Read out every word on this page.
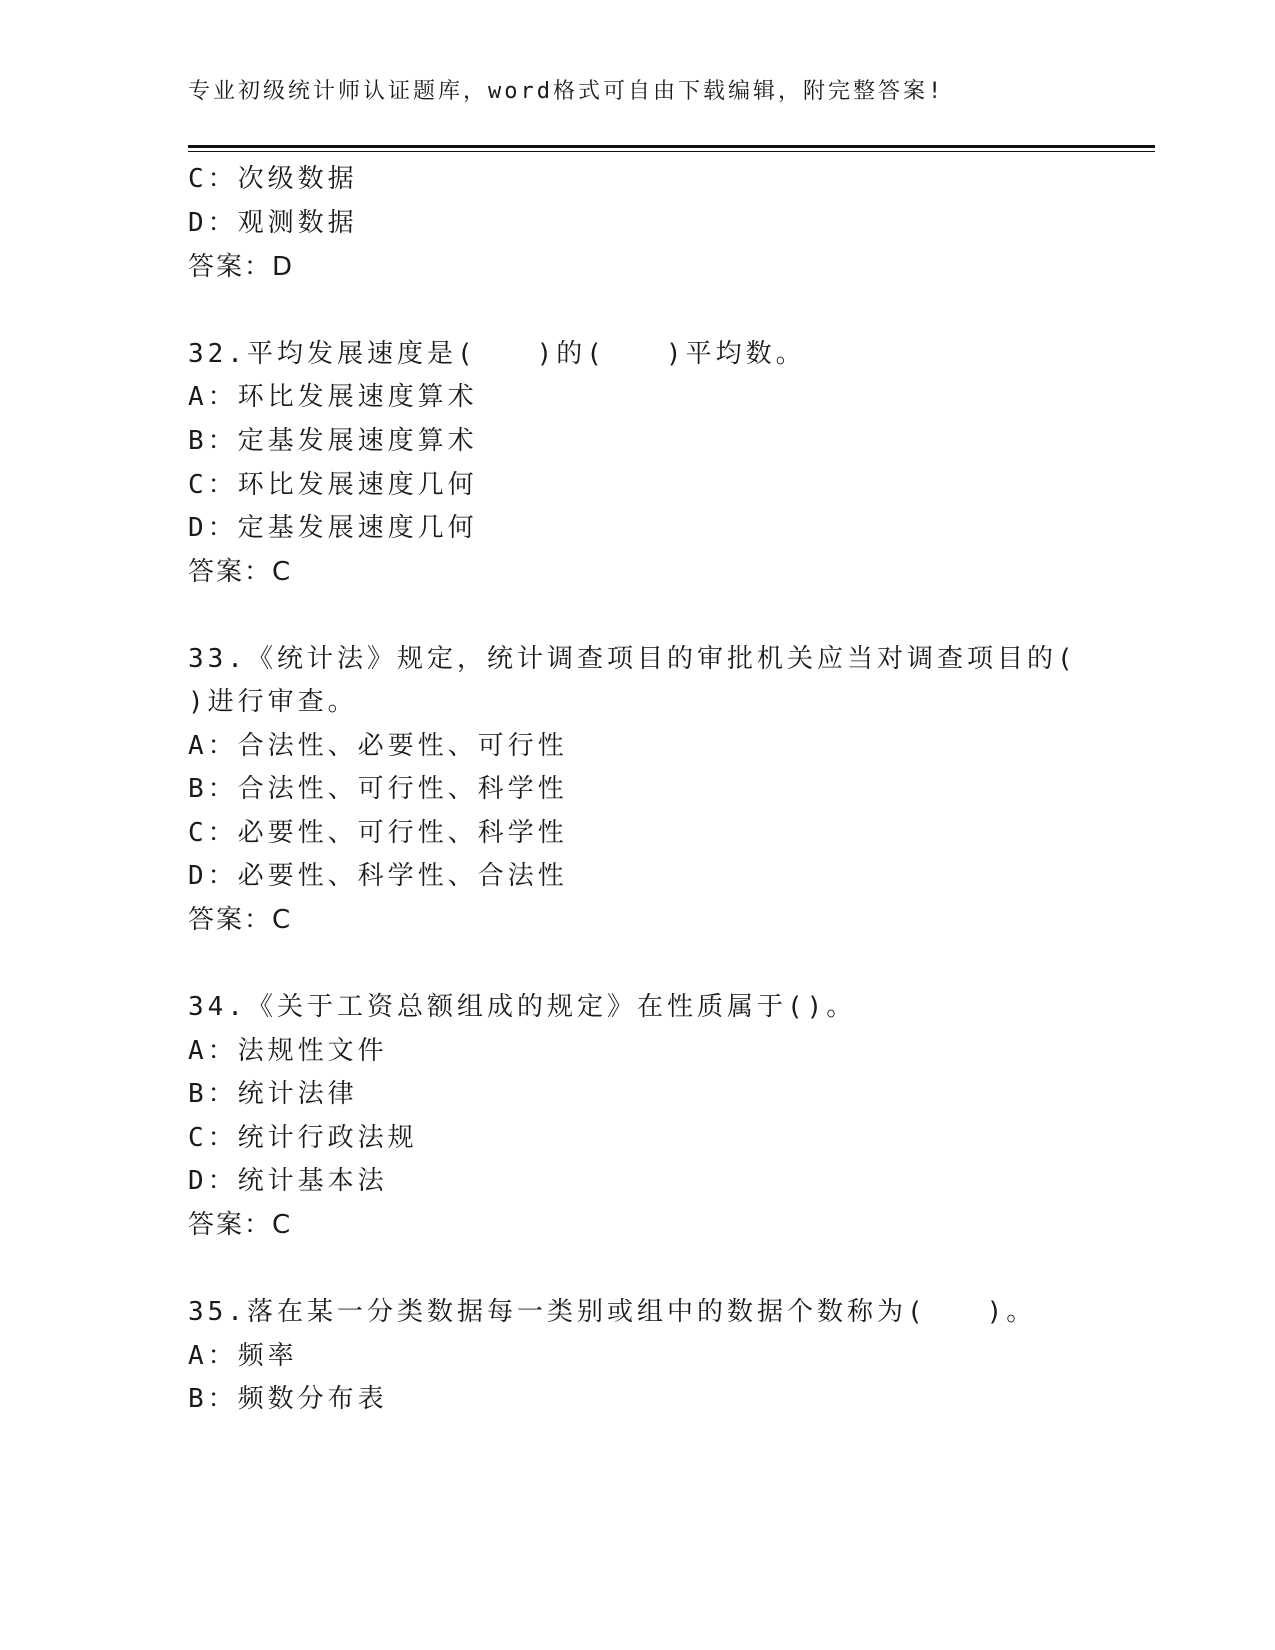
专业初级统计师认证题库，word格式可自由下载编辑，附完整答案!
C：次级数据
D：观测数据
答案：D
32.平均发展速度是(　　)的(　　)平均数。
A：环比发展速度算术
B：定基发展速度算术
C：环比发展速度几何
D：定基发展速度几何
答案：C
33.《统计法》规定，统计调查项目的审批机关应当对调查项目的(
)进行审查。
A：合法性、必要性、可行性
B：合法性、可行性、科学性
C：必要性、可行性、科学性
D：必要性、科学性、合法性
答案：C
34.《关于工资总额组成的规定》在性质属于()。
A：法规性文件
B：统计法律
C：统计行政法规
D：统计基本法
答案：C
35.落在某一分类数据每一类别或组中的数据个数称为(　　)。
A：频率
B：频数分布表
